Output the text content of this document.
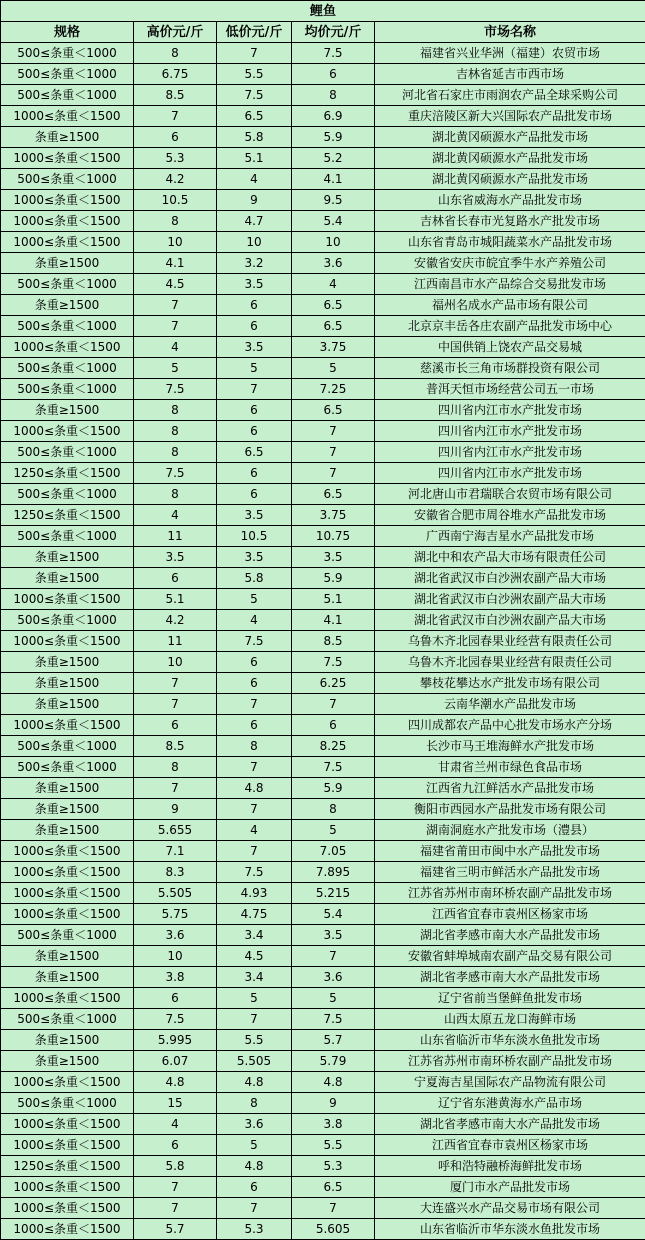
鲤鱼				
规格	高价元/斤	低价元/斤	均价元/斤	市场名称
500≤条重＜1000	8	7	7.5	福建省兴业华洲（福建）农贸市场
500≤条重＜1000	6.75	5.5	6	吉林省延吉市西市场
500≤条重＜1000	8.5	7.5	8	河北省石家庄市雨润农产品全球采购公司
1000≤条重＜1500	7	6.5	6.9	重庆涪陵区新大兴国际农产品批发市场
条重≥1500	6	5.8	5.9	湖北黄冈硕源水产品批发市场
1000≤条重＜1500	5.3	5.1	5.2	湖北黄冈硕源水产品批发市场
500≤条重＜1000	4.2	4	4.1	湖北黄冈硕源水产品批发市场
1000≤条重＜1500	10.5	9	9.5	山东省威海水产品批发市场
1000≤条重＜1500	8	4.7	5.4	吉林省长春市光复路水产批发市场
1000≤条重＜1500	10	10	10	山东省青岛市城阳蔬菜水产品批发市场
条重≥1500	4.1	3.2	3.6	安徽省安庆市皖宜季牛水产养殖公司
500≤条重＜1000	4.5	3.5	4	江西南昌市水产品综合交易批发市场
条重≥1500	7	6	6.5	福州名成水产品市场有限公司
500≤条重＜1000	7	6	6.5	北京京丰岳各庄农副产品批发市场中心
1000≤条重＜1500	4	3.5	3.75	中国供销上饶农产品交易城
500≤条重＜1000	5	5	5	慈溪市长三角市场群投资有限公司
500≤条重＜1000	7.5	7	7.25	普洱天恒市场经营公司五一市场
条重≥1500	8	6	6.5	四川省内江市水产批发市场
1000≤条重＜1500	8	6	7	四川省内江市水产批发市场
500≤条重＜1000	8	6.5	7	四川省内江市水产批发市场
1250≤条重＜1500	7.5	6	7	四川省内江市水产批发市场
500≤条重＜1000	8	6	6.5	河北唐山市君瑞联合农贸市场有限公司
1250≤条重＜1500	4	3.5	3.75	安徽省合肥市周谷堆水产品批发市场
500≤条重＜1000	11	10.5	10.75	广西南宁海吉星水产品批发市场
条重≥1500	3.5	3.5	3.5	湖北中和农产品大市场有限责任公司
条重≥1500	6	5.8	5.9	湖北省武汉市白沙洲农副产品大市场
1000≤条重＜1500	5.1	5	5.1	湖北省武汉市白沙洲农副产品大市场
500≤条重＜1000	4.2	4	4.1	湖北省武汉市白沙洲农副产品大市场
1000≤条重＜1500	11	7.5	8.5	乌鲁木齐北园春果业经营有限责任公司
条重≥1500	10	6	7.5	乌鲁木齐北园春果业经营有限责任公司
条重≥1500	7	6	6.25	攀枝花攀达水产批发市场有限公司
条重≥1500	7	7	7	云南华潮水产品批发市场
1000≤条重＜1500	6	6	6	四川成都农产品中心批发市场水产分场
500≤条重＜1000	8.5	8	8.25	长沙市马王堆海鲜水产批发市场
500≤条重＜1000	8	7	7.5	甘肃省兰州市绿色食品市场
条重≥1500	7	4.8	5.9	江西省九江鲜活水产品批发市场
条重≥1500	9	7	8	衡阳市西园水产品批发市场有限公司
条重≥1500	5.655	4	5	湖南洞庭水产批发市场（澧县）
1000≤条重＜1500	7.1	7	7.05	福建省莆田市闽中水产品批发市场
1000≤条重＜1500	8.3	7.5	7.895	福建省三明市鲜活水产品批发市场
1000≤条重＜1500	5.505	4.93	5.215	江苏省苏州市南环桥农副产品批发市场
1000≤条重＜1500	5.75	4.75	5.4	江西省宜春市袁州区杨家市场
500≤条重＜1000	3.6	3.4	3.5	湖北省孝感市南大水产品批发市场
条重≥1500	10	4.5	7	安徽省蚌埠城南农副产品交易有限公司
条重≥1500	3.8	3.4	3.6	湖北省孝感市南大水产品批发市场
1000≤条重＜1500	6	5	5	辽宁省前当堡鲜鱼批发市场
500≤条重＜1000	7.5	7	7.5	山西太原五龙口海鲜市场
条重≥1500	5.995	5.5	5.7	山东省临沂市华东淡水鱼批发市场
条重≥1500	6.07	5.505	5.79	江苏省苏州市南环桥农副产品批发市场
1000≤条重＜1500	4.8	4.8	4.8	宁夏海吉星国际农产品物流有限公司
500≤条重＜1000	15	8	9	辽宁省东港黄海水产品市场
1000≤条重＜1500	4	3.6	3.8	湖北省孝感市南大水产品批发市场
1000≤条重＜1500	6	5	5.5	江西省宜春市袁州区杨家市场
1250≤条重＜1500	5.8	4.8	5.3	呼和浩特融桥海鲜批发市场
1000≤条重＜1500	7	6	6.5	厦门市水产品批发市场
1000≤条重＜1500	7	7	7	大连盛兴水产品交易市场有限公司
1000≤条重＜1500	5.7	5.3	5.605	山东省临沂市华东淡水鱼批发市场
